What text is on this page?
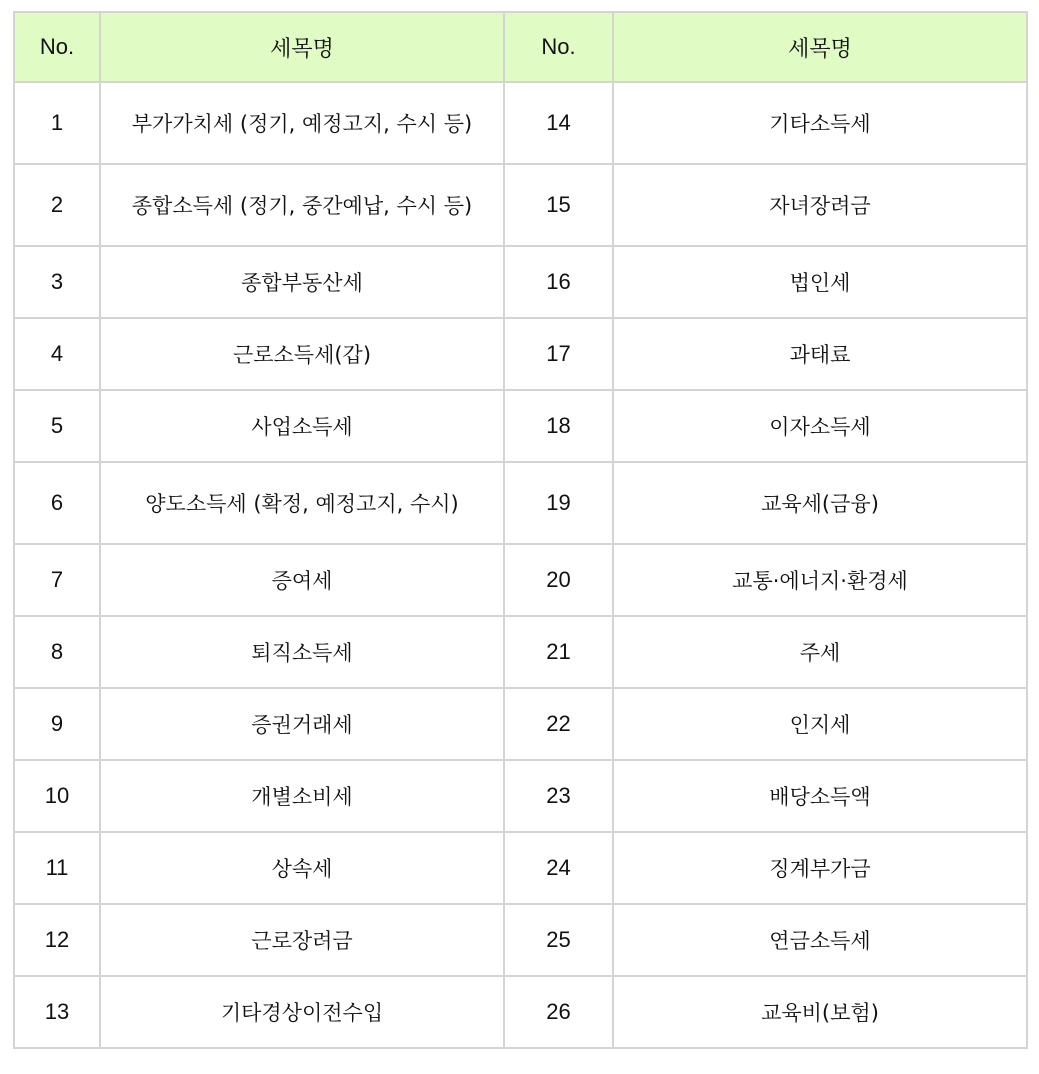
No.	세목명	No.	세목명
1	부가가치세 (정기, 예정고지, 수시 등)	14	기타소득세
2	종합소득세 (정기, 중간예납, 수시 등)	15	자녀장려금
3	종합부동산세	16	법인세
4	근로소득세(갑)	17	과태료
5	사업소득세	18	이자소득세
6	양도소득세 (확정, 예정고지, 수시)	19	교육세(금융)
7	증여세	20	교통·에너지·환경세
8	퇴직소득세	21	주세
9	증권거래세	22	인지세
10	개별소비세	23	배당소득액
11	상속세	24	징계부가금
12	근로장려금	25	연금소득세
13	기타경상이전수입	26	교육비(보험)
